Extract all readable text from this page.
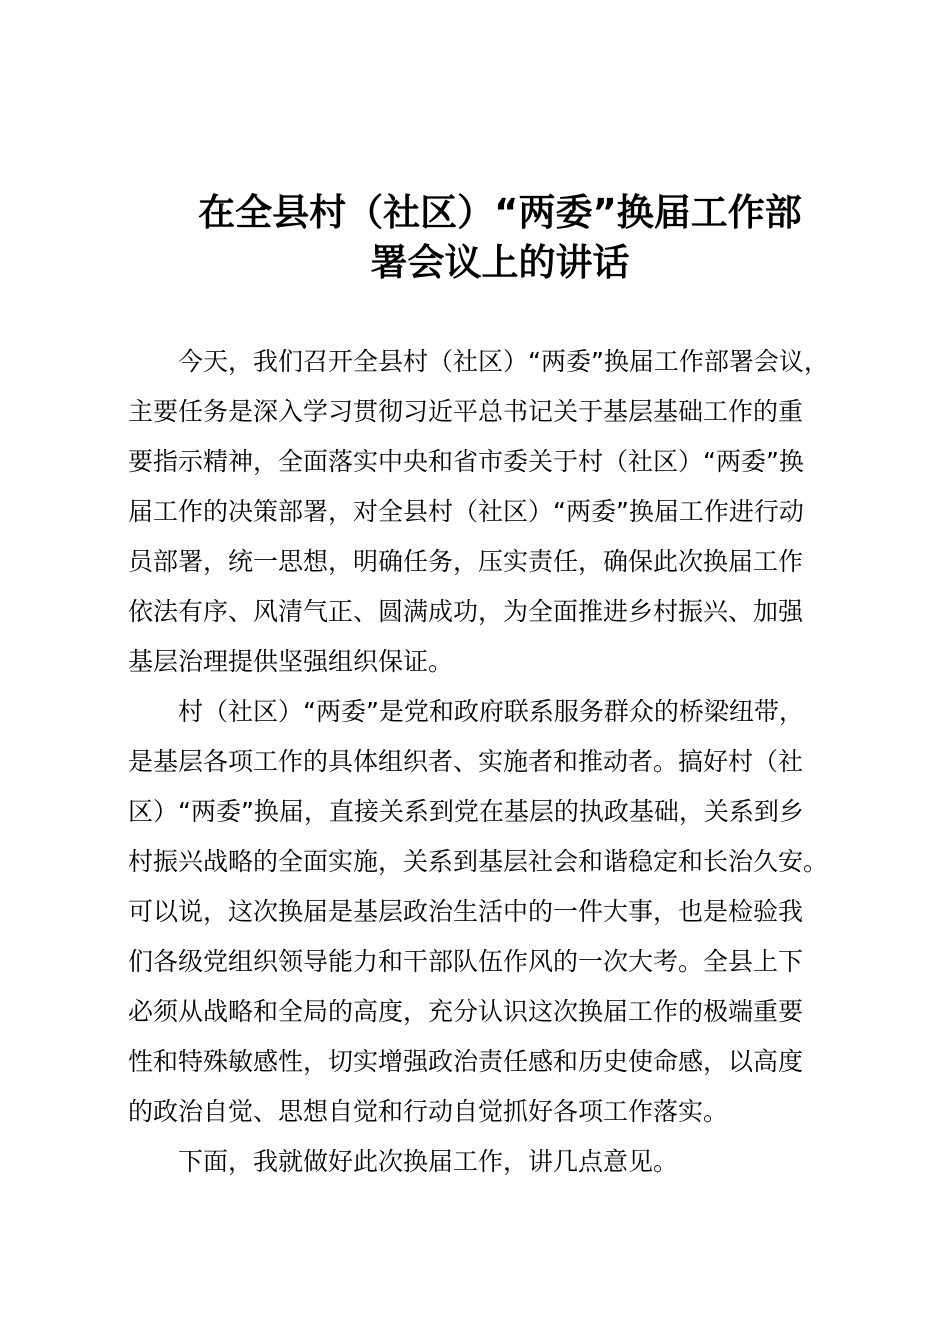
在全县村（社区）“两委”换届工作部
署会议上的讲话
今天，我们召开全县村（社区）“两委”换届工作部署会议，
主要任务是深入学习贯彻习近平总书记关于基层基础工作的重
要指示精神，全面落实中央和省市委关于村（社区）“两委”换
届工作的决策部署，对全县村（社区）“两委”换届工作进行动
员部署，统一思想，明确任务，压实责任，确保此次换届工作
依法有序、风清气正、圆满成功，为全面推进乡村振兴、加强
基层治理提供坚强组织保证。
村（社区）“两委”是党和政府联系服务群众的桥梁纽带，
是基层各项工作的具体组织者、实施者和推动者。搞好村（社
区）“两委”换届，直接关系到党在基层的执政基础，关系到乡
村振兴战略的全面实施，关系到基层社会和谐稳定和长治久安。
可以说，这次换届是基层政治生活中的一件大事，也是检验我
们各级党组织领导能力和干部队伍作风的一次大考。全县上下
必须从战略和全局的高度，充分认识这次换届工作的极端重要
性和特殊敏感性，切实增强政治责任感和历史使命感，以高度
的政治自觉、思想自觉和行动自觉抓好各项工作落实。
下面，我就做好此次换届工作，讲几点意见。
